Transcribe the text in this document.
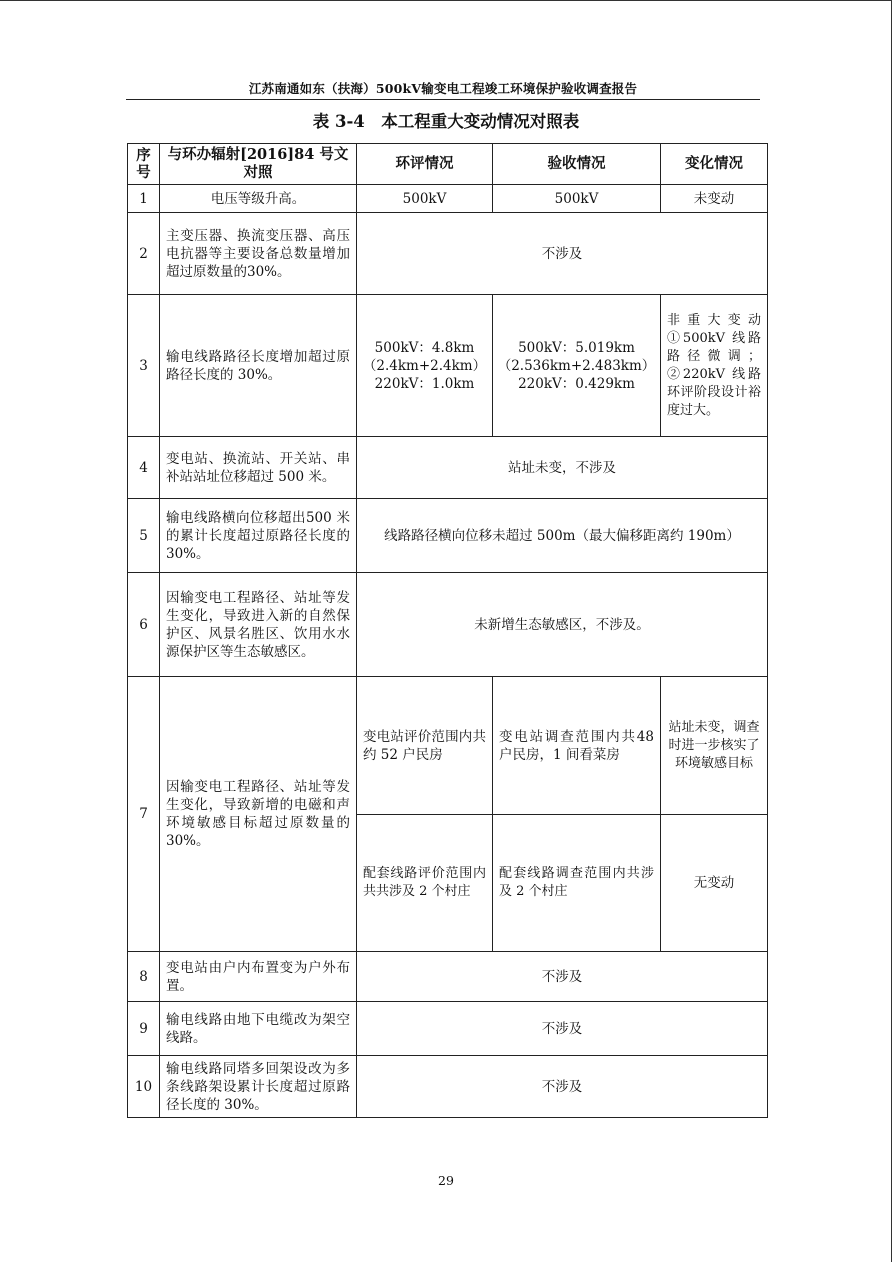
江苏南通如东（扶海）500kV输变电工程竣工环境保护验收调查报告
表 3-4　本工程重大变动情况对照表
序号	与环办辐射[2016]84 号文对照	环评情况	验收情况	变化情况
1	电压等级升高。	500kV	500kV	未变动
2	主变压器、换流变压器、高压电抗器等主要设备总数量增加超过原数量的30%。	不涉及		
3	输电线路路径长度增加超过原路径长度的 30%。	500kV：4.8km
（2.4km+2.4km）
220kV：1.0km	500kV：5.019km
（2.536km+2.483km）
220kV：0.429km	非重大变动①500kV 线路路径微调；②220kV 线路环评阶段设计裕度过大。
4	变电站、换流站、开关站、串补站站址位移超过 500 米。	站址未变，不涉及		
5	输电线路横向位移超出500 米的累计长度超过原路径长度的 30%。	线路路径横向位移未超过 500m（最大偏移距离约 190m）		
6	因输变电工程路径、站址等发生变化，导致进入新的自然保护区、风景名胜区、饮用水水源保护区等生态敏感区。	未新增生态敏感区，不涉及。		
7	因输变电工程路径、站址等发生变化，导致新增的电磁和声环境敏感目标超过原数量的 30%。	变电站评价范围内共约 52 户民房	变电站调查范围内共48 户民房，1 间看菜房	站址未变，调查时进一步核实了环境敏感目标
		配套线路评价范围内共共涉及 2 个村庄	配套线路调查范围内共涉及 2 个村庄	无变动
8	变电站由户内布置变为户外布置。	不涉及		
9	输电线路由地下电缆改为架空线路。	不涉及		
10	输电线路同塔多回架设改为多条线路架设累计长度超过原路径长度的 30%。	不涉及		
29
